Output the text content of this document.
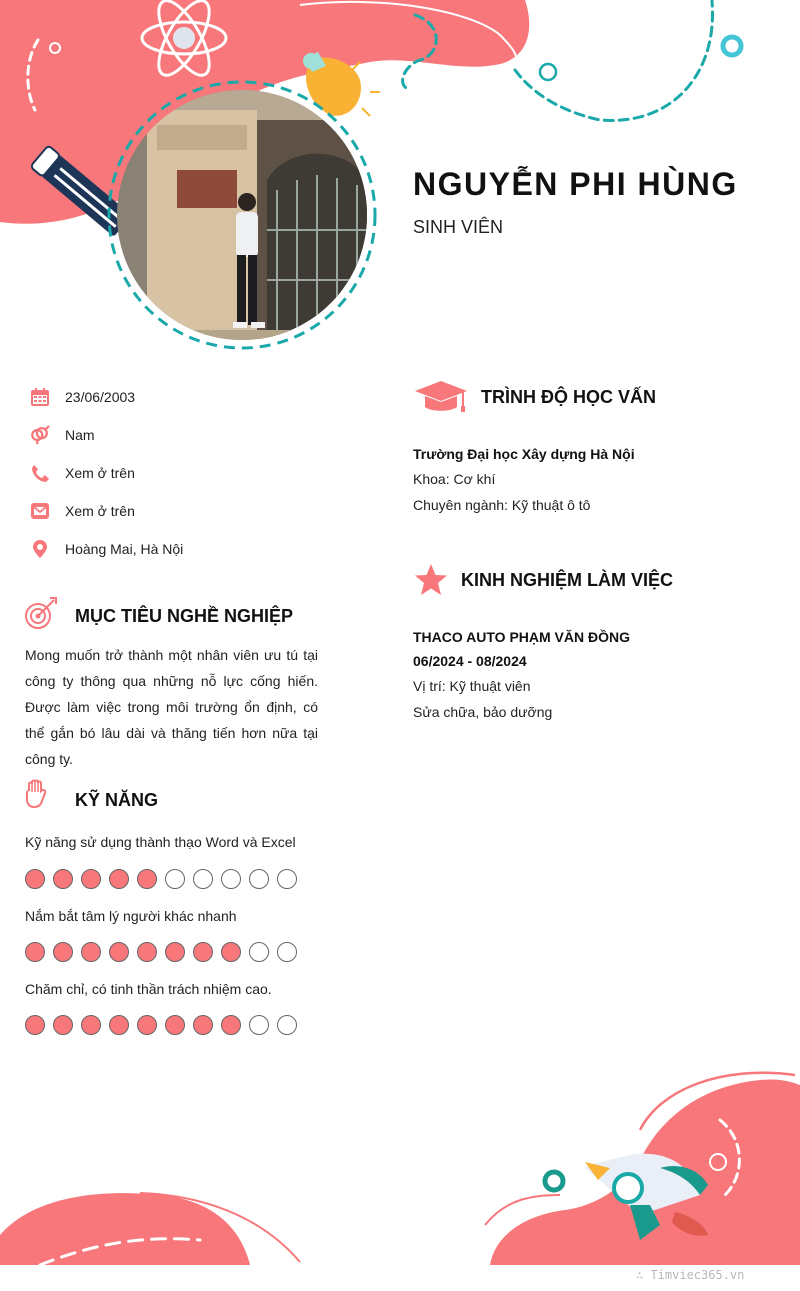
NGUYỄN PHI HÙNG
SINH VIÊN
23/06/2003
Nam
Xem ở trên
Xem ở trên
Hoàng Mai, Hà Nội
MỤC TIÊU NGHỀ NGHIỆP

Mong muốn trở thành một nhân viên ưu tú tại công ty thông qua những nỗ lực cống hiến. Được làm việc trong môi trường ổn định, có thể gắn bó lâu dài và thăng tiến hơn nữa tại công ty.

KỸ NĂNG
Kỹ năng sử dụng thành thạo Word và Excel
Nắm bắt tâm lý người khác nhanh
Chăm chỉ, có tinh thần trách nhiệm cao.
TRÌNH ĐỘ HỌC VẤN
Trường Đại học Xây dựng Hà Nội
Khoa: Cơ khí
Chuyên ngành: Kỹ thuật ô tô
KINH NGHIỆM LÀM VIỆC
THACO AUTO PHẠM VĂN ĐỒNG
06/2024 - 08/2024
Vị trí: Kỹ thuật viên
Sửa chữa, bảo dưỡng
∴ Timviec365.vn
